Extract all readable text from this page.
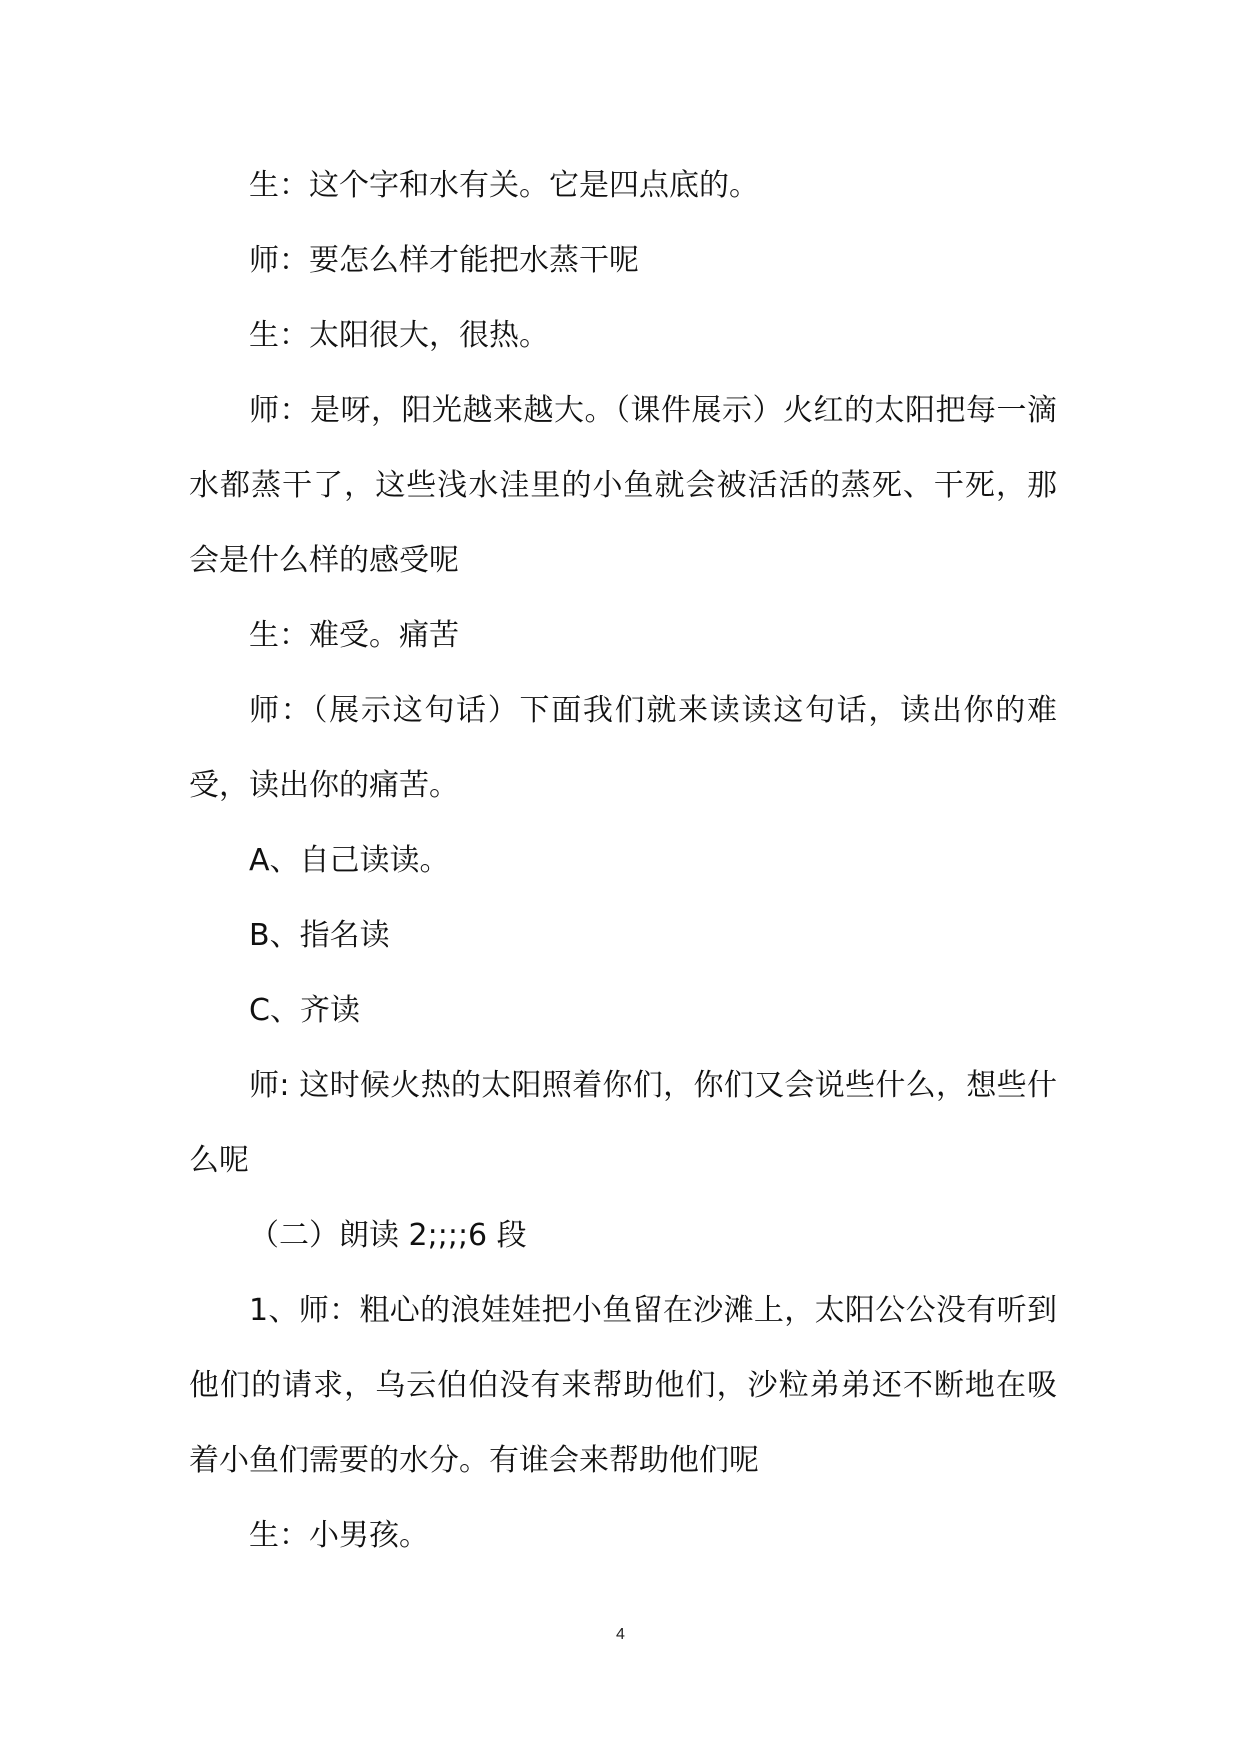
生：这个字和水有关。它是四点底的。

师：要怎么样才能把水蒸干呢

生：太阳很大，很热。

师：是呀，阳光越来越大。（课件展示）火红的太阳把每一滴水都蒸干了，这些浅水洼里的小鱼就会被活活的蒸死、干死，那会是什么样的感受呢

生：难受。痛苦

师：（展示这句话）下面我们就来读读这句话，读出你的难受，读出你的痛苦。

A、自己读读。

B、指名读

C、齐读

师: 这时候火热的太阳照着你们，你们又会说些什么，想些什么呢

（二）朗读 2;;;;6 段

1、师：粗心的浪娃娃把小鱼留在沙滩上，太阳公公没有听到他们的请求，乌云伯伯没有来帮助他们，沙粒弟弟还不断地在吸着小鱼们需要的水分。有谁会来帮助他们呢

生：小男孩。

4
